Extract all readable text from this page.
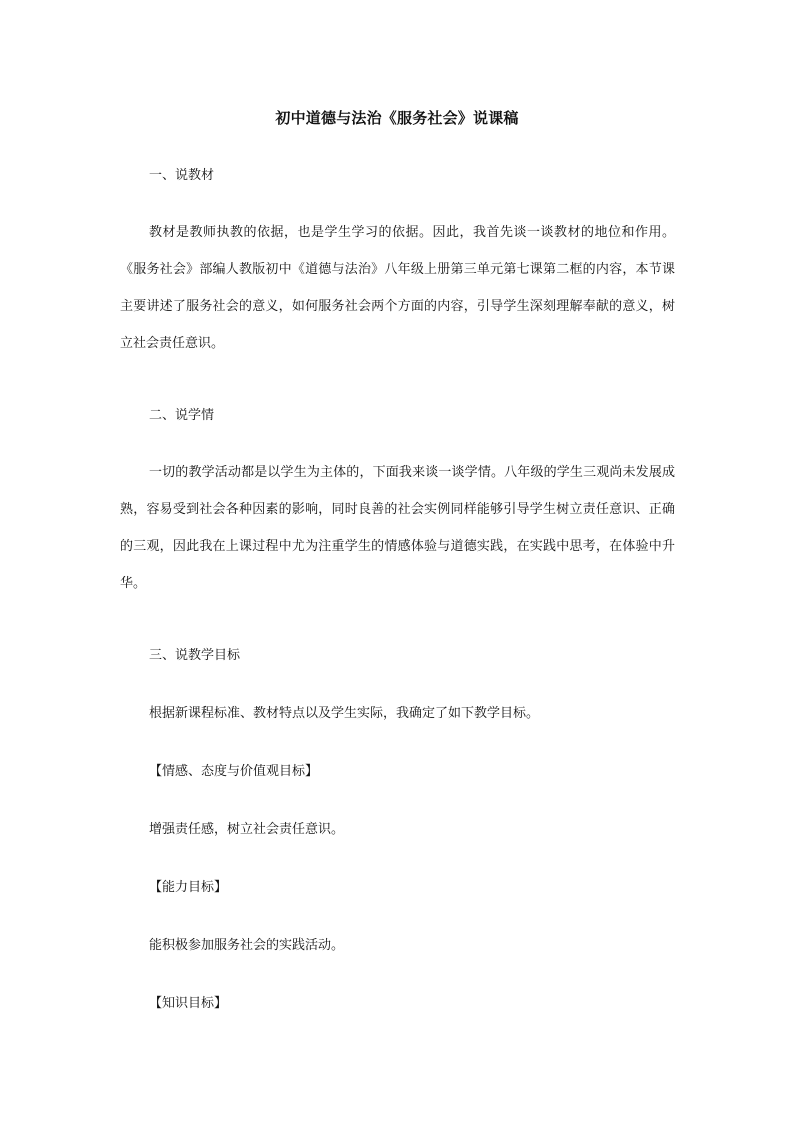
初中道德与法治《服务社会》说课稿
一、说教材
教材是教师执教的依据，也是学生学习的依据。因此，我首先谈一谈教材的地位和作用。《服务社会》部编人教版初中《道德与法治》八年级上册第三单元第七课第二框的内容，本节课主要讲述了服务社会的意义，如何服务社会两个方面的内容，引导学生深刻理解奉献的意义，树立社会责任意识。
二、说学情
一切的教学活动都是以学生为主体的，下面我来谈一谈学情。八年级的学生三观尚未发展成熟，容易受到社会各种因素的影响，同时良善的社会实例同样能够引导学生树立责任意识、正确的三观，因此我在上课过程中尤为注重学生的情感体验与道德实践，在实践中思考，在体验中升华。
三、说教学目标
根据新课程标准、教材特点以及学生实际，我确定了如下教学目标。
【情感、态度与价值观目标】
增强责任感，树立社会责任意识。
【能力目标】
能积极参加服务社会的实践活动。
【知识目标】
